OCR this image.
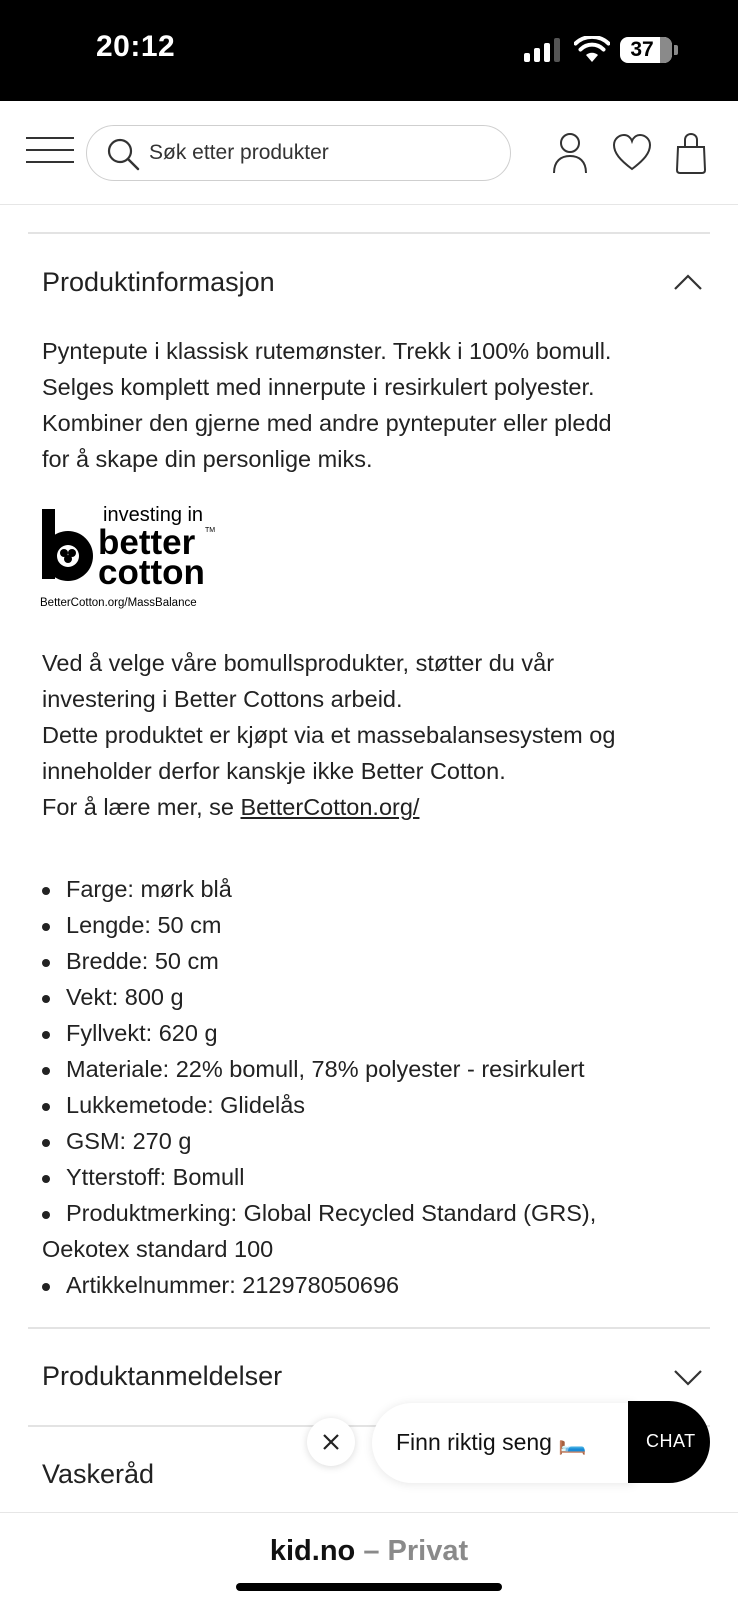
20:12	37
Søk etter produkter
Produktinformasjon

Pyntepute i klassisk rutemønster. Trekk i 100% bomull.

Selges komplett med innerpute i resirkulert polyester.

Kombiner den gjerne med andre pynteputer eller pledd

for å skape din personlige miks.

investing in
better TM
cotton
BetterCotton.org/MassBalance

Ved å velge våre bomullsprodukter, støtter du vår

investering i Better Cottons arbeid.

Dette produktet er kjøpt via et massebalansesystem og

inneholder derfor kanskje ikke Better Cotton.

For å lære mer, se BetterCotton.org/

Farge: mørk blå
Lengde: 50 cm
Bredde: 50 cm
Vekt: 800 g
Fyllvekt: 620 g
Materiale: 22% bomull, 78% polyester - resirkulert
Lukkemetode: Glidelås
GSM: 270 g
Ytterstoff: Bomull
Produktmerking: Global Recycled Standard (GRS),
Oekotex standard 100
Artikkelnummer: 212978050696
Produktanmeldelser
Vaskeråd
Finn riktig seng 🛏️	CHAT
kid.no – Privat
